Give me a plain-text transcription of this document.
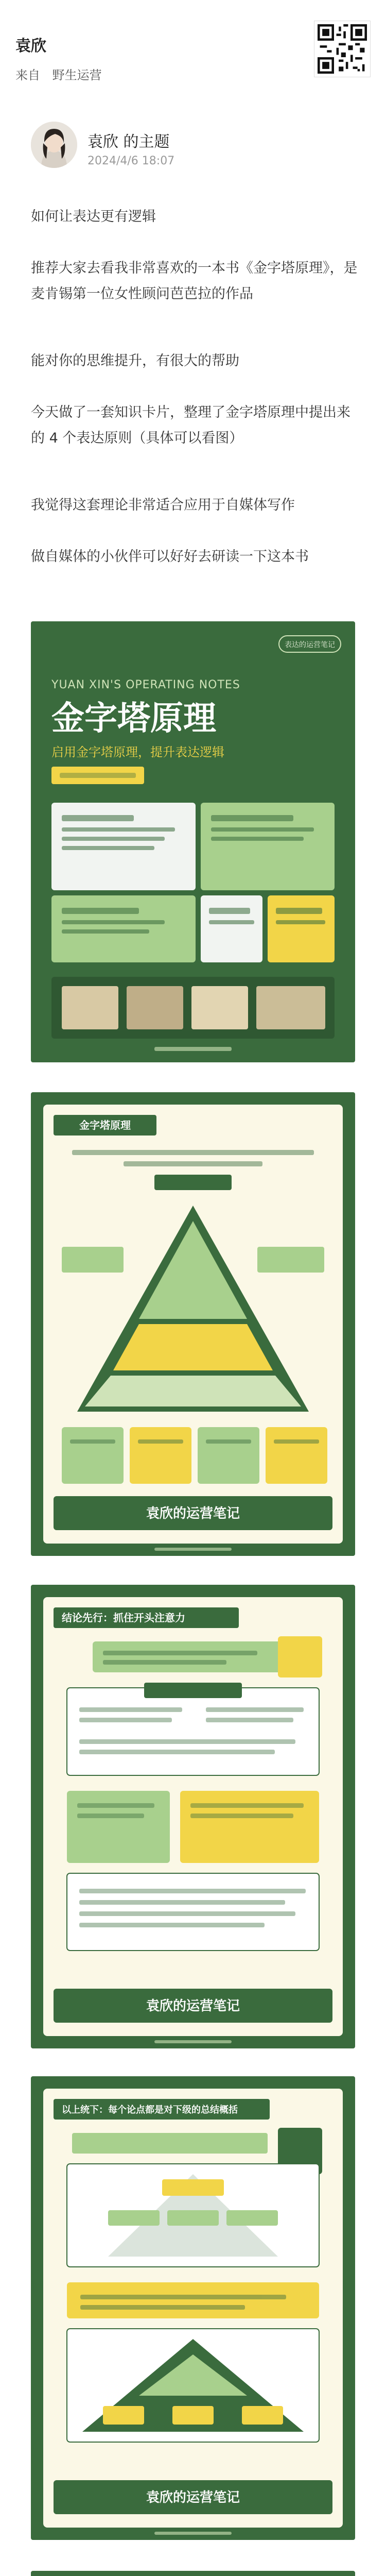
袁欣
来自 野生运营
袁欣 的主题
2024/4/6 18:07
如何让表达更有逻辑
推荐大家去看我非常喜欢的一本书《金字塔原理》，是麦肯锡第一位女性顾问芭芭拉的作品
能对你的思维提升，有很大的帮助
今天做了一套知识卡片，整理了金字塔原理中提出来的 4 个表达原则（具体可以看图）
我觉得这套理论非常适合应用于自媒体写作
做自媒体的小伙伴可以好好去研读一下这本书
表达的运营笔记
YUAN XIN'S OPERATING NOTES
金字塔原理
启用金字塔原理，提升表达逻辑
金字塔原理
袁欣的运营笔记
结论先行：抓住开头注意力
袁欣的运营笔记
以上统下：每个论点都是对下级的总结概括
袁欣的运营笔记
